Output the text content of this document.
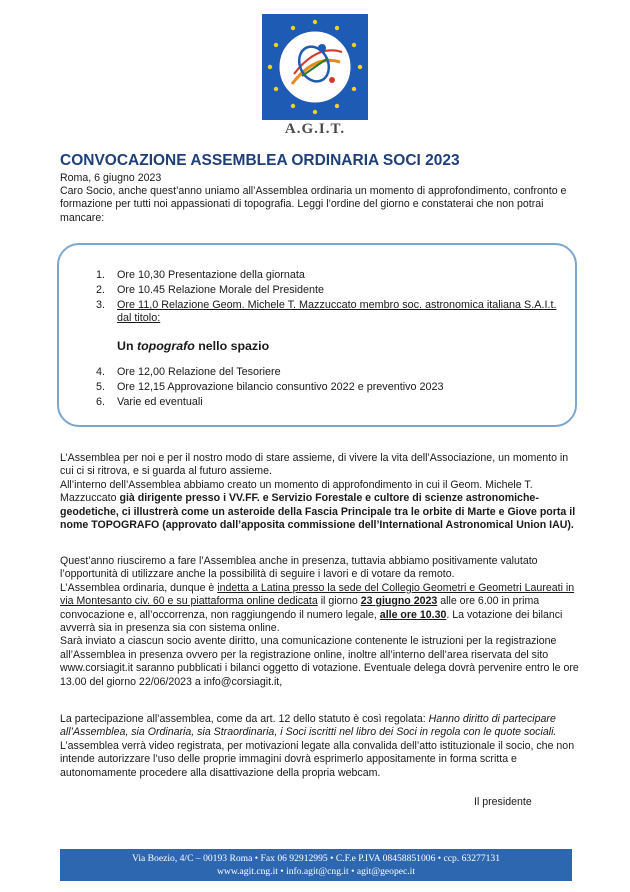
A.G.I.T.
CONVOCAZIONE ASSEMBLEA ORDINARIA SOCI 2023

Roma, 6 giugno 2023

Caro Socio, anche quest’anno uniamo all’Assemblea ordinaria un momento di approfondimento, confronto e formazione per tutti noi appassionati di topografia. Leggi l’ordine del giorno e constaterai che non potrai mancare:

1.	Ore 10,30 Presentazione della giornata
2.	Ore 10.45 Relazione Morale del Presidente
3.	Ore 11,0 Relazione Geom. Michele T. Mazzuccato membro soc. astronomica italiana S.A.I.t. dal titolo:
Un topografo nello spazio
4.	Ore 12,00 Relazione del Tesoriere
5.	Ore 12,15 Approvazione bilancio consuntivo 2022 e preventivo 2023
6.	Varie ed eventuali

L’Assemblea per noi e per il nostro modo di stare assieme, di vivere la vita dell’Associazione, un momento in cui ci si ritrova, e si guarda al futuro assieme.

All’interno dell’Assemblea abbiamo creato un momento di approfondimento in cui il Geom. Michele T. Mazzuccato già dirigente presso i VV.FF. e Servizio Forestale e cultore di scienze astronomiche-geodetiche, ci illustrerà come un asteroide della Fascia Principale tra le orbite di Marte e Giove porta il nome TOPOGRAFO (approvato dall’apposita commissione dell’International Astronomical Union IAU).

Quest’anno riusciremo a fare l’Assemblea anche in presenza, tuttavia abbiamo positivamente valutato l’opportunità di utilizzare anche la possibilità di seguire i lavori e di votare da remoto.
L’Assemblea ordinaria, dunque è indetta a Latina presso la sede del Collegio Geometri e Geometri Laureati in via Montesanto civ. 60 e su piattaforma online dedicata il giorno 23 giugno 2023 alle ore 6.00 in prima convocazione e, all’occorrenza, non raggiungendo il numero legale, alle ore 10.30. La votazione dei bilanci avverrà sia in presenza sia con sistema online.
Sarà inviato a ciascun socio avente diritto, una comunicazione contenente le istruzioni per la registrazione all’Assemblea in presenza ovvero per la registrazione online, inoltre all’interno dell’area riservata del sito www.corsiagit.it saranno pubblicati i bilanci oggetto di votazione. Eventuale delega dovrà pervenire entro le ore 13.00 del giorno 22/06/2023 a info@corsiagit.it,

La partecipazione all’assemblea, come da art. 12 dello statuto è così regolata: Hanno diritto di partecipare all’Assemblea, sia Ordinaria, sia Straordinaria, i Soci iscritti nel libro dei Soci in regola con le quote sociali.
L’assemblea verrà video registrata, per motivazioni legate alla convalida dell’atto istituzionale il socio, che non intende autorizzare l’uso delle proprie immagini dovrà esprimerlo appositamente in forma scritta e autonomamente procedere alla disattivazione della propria webcam.

Il presidente
Via Boezio, 4/C – 00193 Roma • Fax 06 92912995 • C.F.e P.IVA 08458851006 • ccp. 63277131
www.agit.cng.it • info.agit@cng.it • agit@geopec.it
